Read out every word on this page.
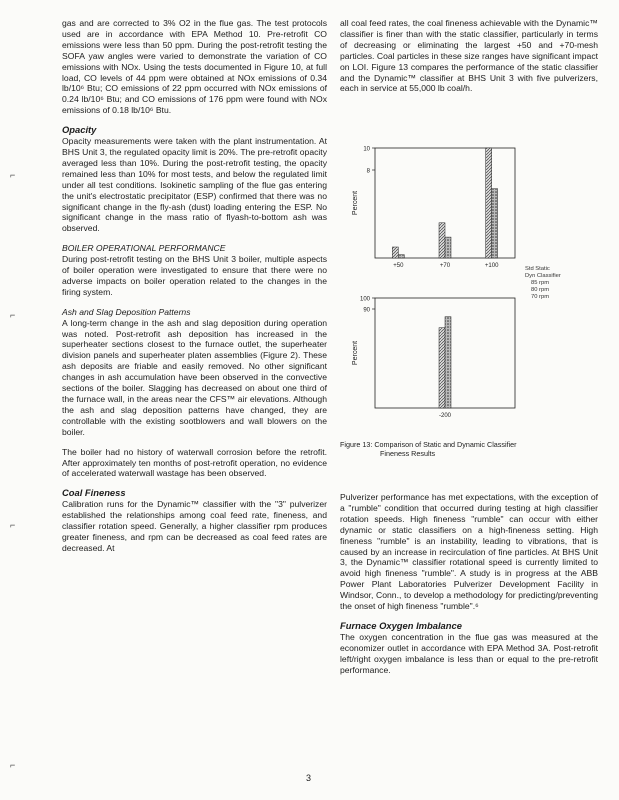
⌐
⌐
⌐
⌐

gas and are corrected to 3% O2 in the flue gas. The test protocols used are in accordance with EPA Method 10. Pre-retrofit CO emissions were less than 50 ppm. During the post-retrofit testing the SOFA yaw angles were varied to demonstrate the variation of CO emissions with NOx. Using the tests documented in Figure 10, at full load, CO levels of 44 ppm were obtained at NOx emissions of 0.34 lb/10⁶ Btu; CO emissions of 22 ppm occurred with NOx emissions of 0.24 lb/10⁶ Btu; and CO emissions of 176 ppm were found with NOx emissions of 0.18 lb/10⁶ Btu.

Opacity

Opacity measurements were taken with the plant instrumentation. At BHS Unit 3, the regulated opacity limit is 20%. The pre-retrofit opacity averaged less than 10%. During the post-retrofit testing, the opacity remained less than 10% for most tests, and below the regulated limit under all test conditions. Isokinetic sampling of the flue gas entering the unit's electrostatic precipitator (ESP) confirmed that there was no significant change in the fly-ash (dust) loading entering the ESP. No significant change in the mass ratio of flyash-to-bottom ash was observed.

BOILER OPERATIONAL PERFORMANCE

During post-retrofit testing on the BHS Unit 3 boiler, multiple aspects of boiler operation were investigated to ensure that there were no adverse impacts on boiler operation related to the changes in the firing system.

Ash and Slag Deposition Patterns

A long-term change in the ash and slag deposition during operation was noted. Post-retrofit ash deposition has increased in the superheater sections closest to the furnace outlet, the superheater division panels and superheater platen assemblies (Figure 2). These ash deposits are friable and easily removed. No other significant changes in ash accumulation have been observed in the convective sections of the boiler. Slagging has decreased on about one third of the furnace wall, in the areas near the CFS™ air elevations. Although the ash and slag deposition patterns have changed, they are controllable with the existing sootblowers and wall blowers on the boiler.

The boiler had no history of waterwall corrosion before the retrofit. After approximately ten months of post-retrofit operation, no evidence of accelerated waterwall wastage has been observed.

Coal Fineness

Calibration runs for the Dynamic™ classifier with the "3" pulverizer established the relationships among coal feed rate, fineness, and classifier rotation speed. Generally, a higher classifier rpm produces greater fineness, and rpm can be decreased as coal feed rates are decreased. At

all coal feed rates, the coal fineness achievable with the Dynamic™ classifier is finer than with the static classifier, particularly in terms of decreasing or eliminating the largest +50 and +70-mesh particles. Coal particles in these size ranges have significant impact on LOI. Figure 13 compares the performance of the static classifier and the Dynamic™ classifier at BHS Unit 3 with five pulverizers, each in service at 55,000 lb coal/h.

10
8
Percent
+50	+70	+100
100
90
Percent
-200
Std Static
Dyn Classifier
85 rpm
80 rpm
70 rpm
Figure 13: Comparison of Static and Dynamic Classifier
Fineness Results

Pulverizer performance has met expectations, with the exception of a "rumble" condition that occurred during testing at high classifier rotation speeds. High fineness "rumble" can occur with either dynamic or static classifiers on a high-fineness setting. High fineness "rumble" is an instability, leading to vibrations, that is caused by an increase in recirculation of fine particles. At BHS Unit 3, the Dynamic™ classifier rotational speed is currently limited to avoid high fineness "rumble". A study is in progress at the ABB Power Plant Laboratories Pulverizer Development Facility in Windsor, Conn., to develop a methodology for predicting/preventing the onset of high fineness "rumble".⁶

Furnace Oxygen Imbalance

The oxygen concentration in the flue gas was measured at the economizer outlet in accordance with EPA Method 3A. Post-retrofit left/right oxygen imbalance is less than or equal to the pre-retrofit performance.

3
